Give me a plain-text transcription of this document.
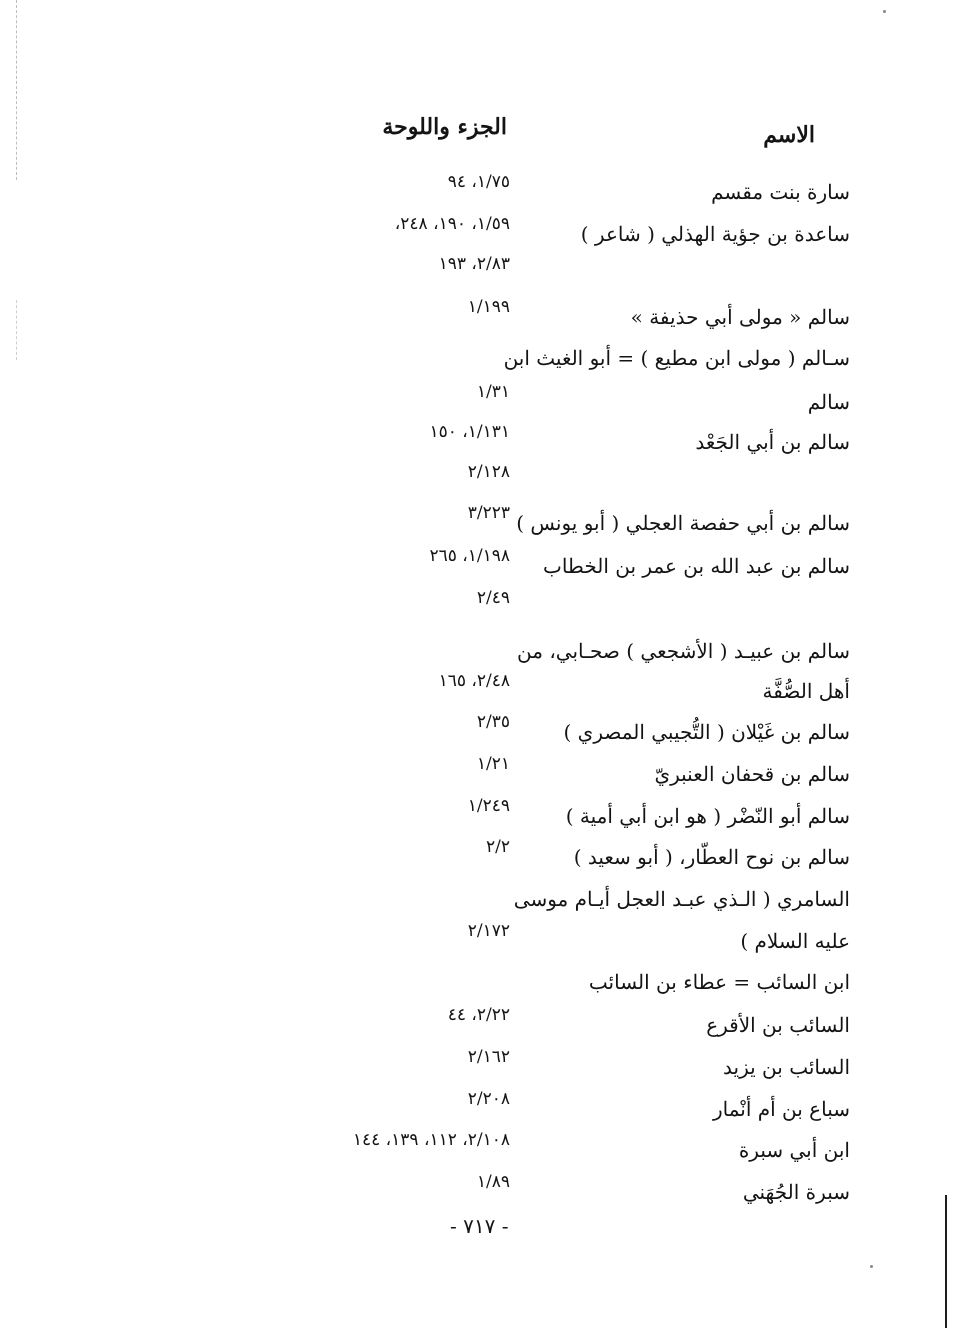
الاسم
الجزء واللوحة
سارة بنت مقسم
١/٧٥، ٩٤
ساعدة بن جؤية الهذلي ( شاعر )
١/٥٩، ١٩٠، ٢٤٨،
٢/٨٣، ١٩٣
سالم « مولى أبي حذيفة »
١/١٩٩
سـالم ( مولى ابن مطيع ) = أبو الغيث ابن
سالم
١/٣١
سالم بن أبي الجَعْد
١/١٣١، ١٥٠
٢/١٢٨
سالم بن أبي حفصة العجلي ( أبو يونس )
٣/٢٢٣
سالم بن عبد الله بن عمر بن الخطاب
١/١٩٨، ٢٦٥
٢/٤٩
سالم بن عبيـد ( الأشجعي ) صحـابي، من
أهل الصُّفَّة
٢/٤٨، ١٦٥
سالم بن غَيْلان ( التُّجيبي المصري )
٢/٣٥
سالم بن قحفان العنبريّ
١/٢١
سالم أبو النّضْر ( هو ابن أبي أمية )
١/٢٤٩
سالم بن نوح العطّار، ( أبو سعيد )
٢/٢
السامري ( الـذي عبـد العجل أيـام موسى
عليه السلام )
٢/١٧٢
ابن السائب = عطاء بن السائب
السائب بن الأقرع
٢/٢٢، ٤٤
السائب بن يزيد
٢/١٦٢
سباع بن أم أنْمار
٢/٢٠٨
ابن أبي سبرة
٢/١٠٨، ١١٢، ١٣٩، ١٤٤
سبرة الجُهَني
١/٨٩
- ٧١٧ -
